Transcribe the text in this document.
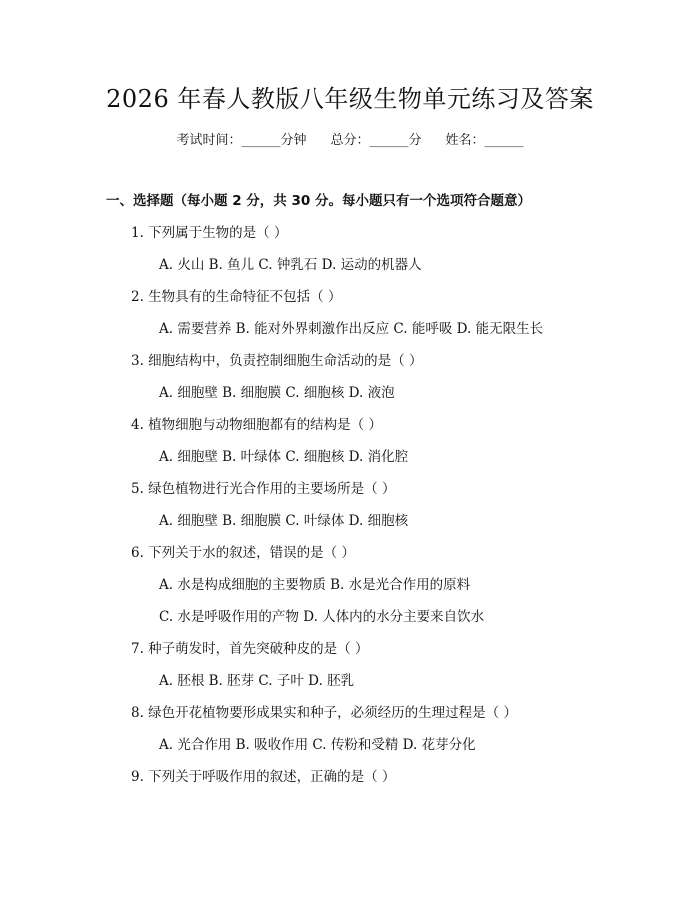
2026 年春人教版八年级生物单元练习及答案
考试时间：______分钟 总分：______分 姓名：______
一、选择题（每小题 2 分，共 30 分。每小题只有一个选项符合题意）
1. 下列属于生物的是（ ）
A. 火山 B. 鱼儿 C. 钟乳石 D. 运动的机器人
2. 生物具有的生命特征不包括（ ）
A. 需要营养 B. 能对外界刺激作出反应 C. 能呼吸 D. 能无限生长
3. 细胞结构中，负责控制细胞生命活动的是（ ）
A. 细胞壁 B. 细胞膜 C. 细胞核 D. 液泡
4. 植物细胞与动物细胞都有的结构是（ ）
A. 细胞壁 B. 叶绿体 C. 细胞核 D. 消化腔
5. 绿色植物进行光合作用的主要场所是（ ）
A. 细胞壁 B. 细胞膜 C. 叶绿体 D. 细胞核
6. 下列关于水的叙述，错误的是（ ）
A. 水是构成细胞的主要物质 B. 水是光合作用的原料
C. 水是呼吸作用的产物 D. 人体内的水分主要来自饮水
7. 种子萌发时，首先突破种皮的是（ ）
A. 胚根 B. 胚芽 C. 子叶 D. 胚乳
8. 绿色开花植物要形成果实和种子，必须经历的生理过程是（ ）
A. 光合作用 B. 吸收作用 C. 传粉和受精 D. 花芽分化
9. 下列关于呼吸作用的叙述，正确的是（ ）
